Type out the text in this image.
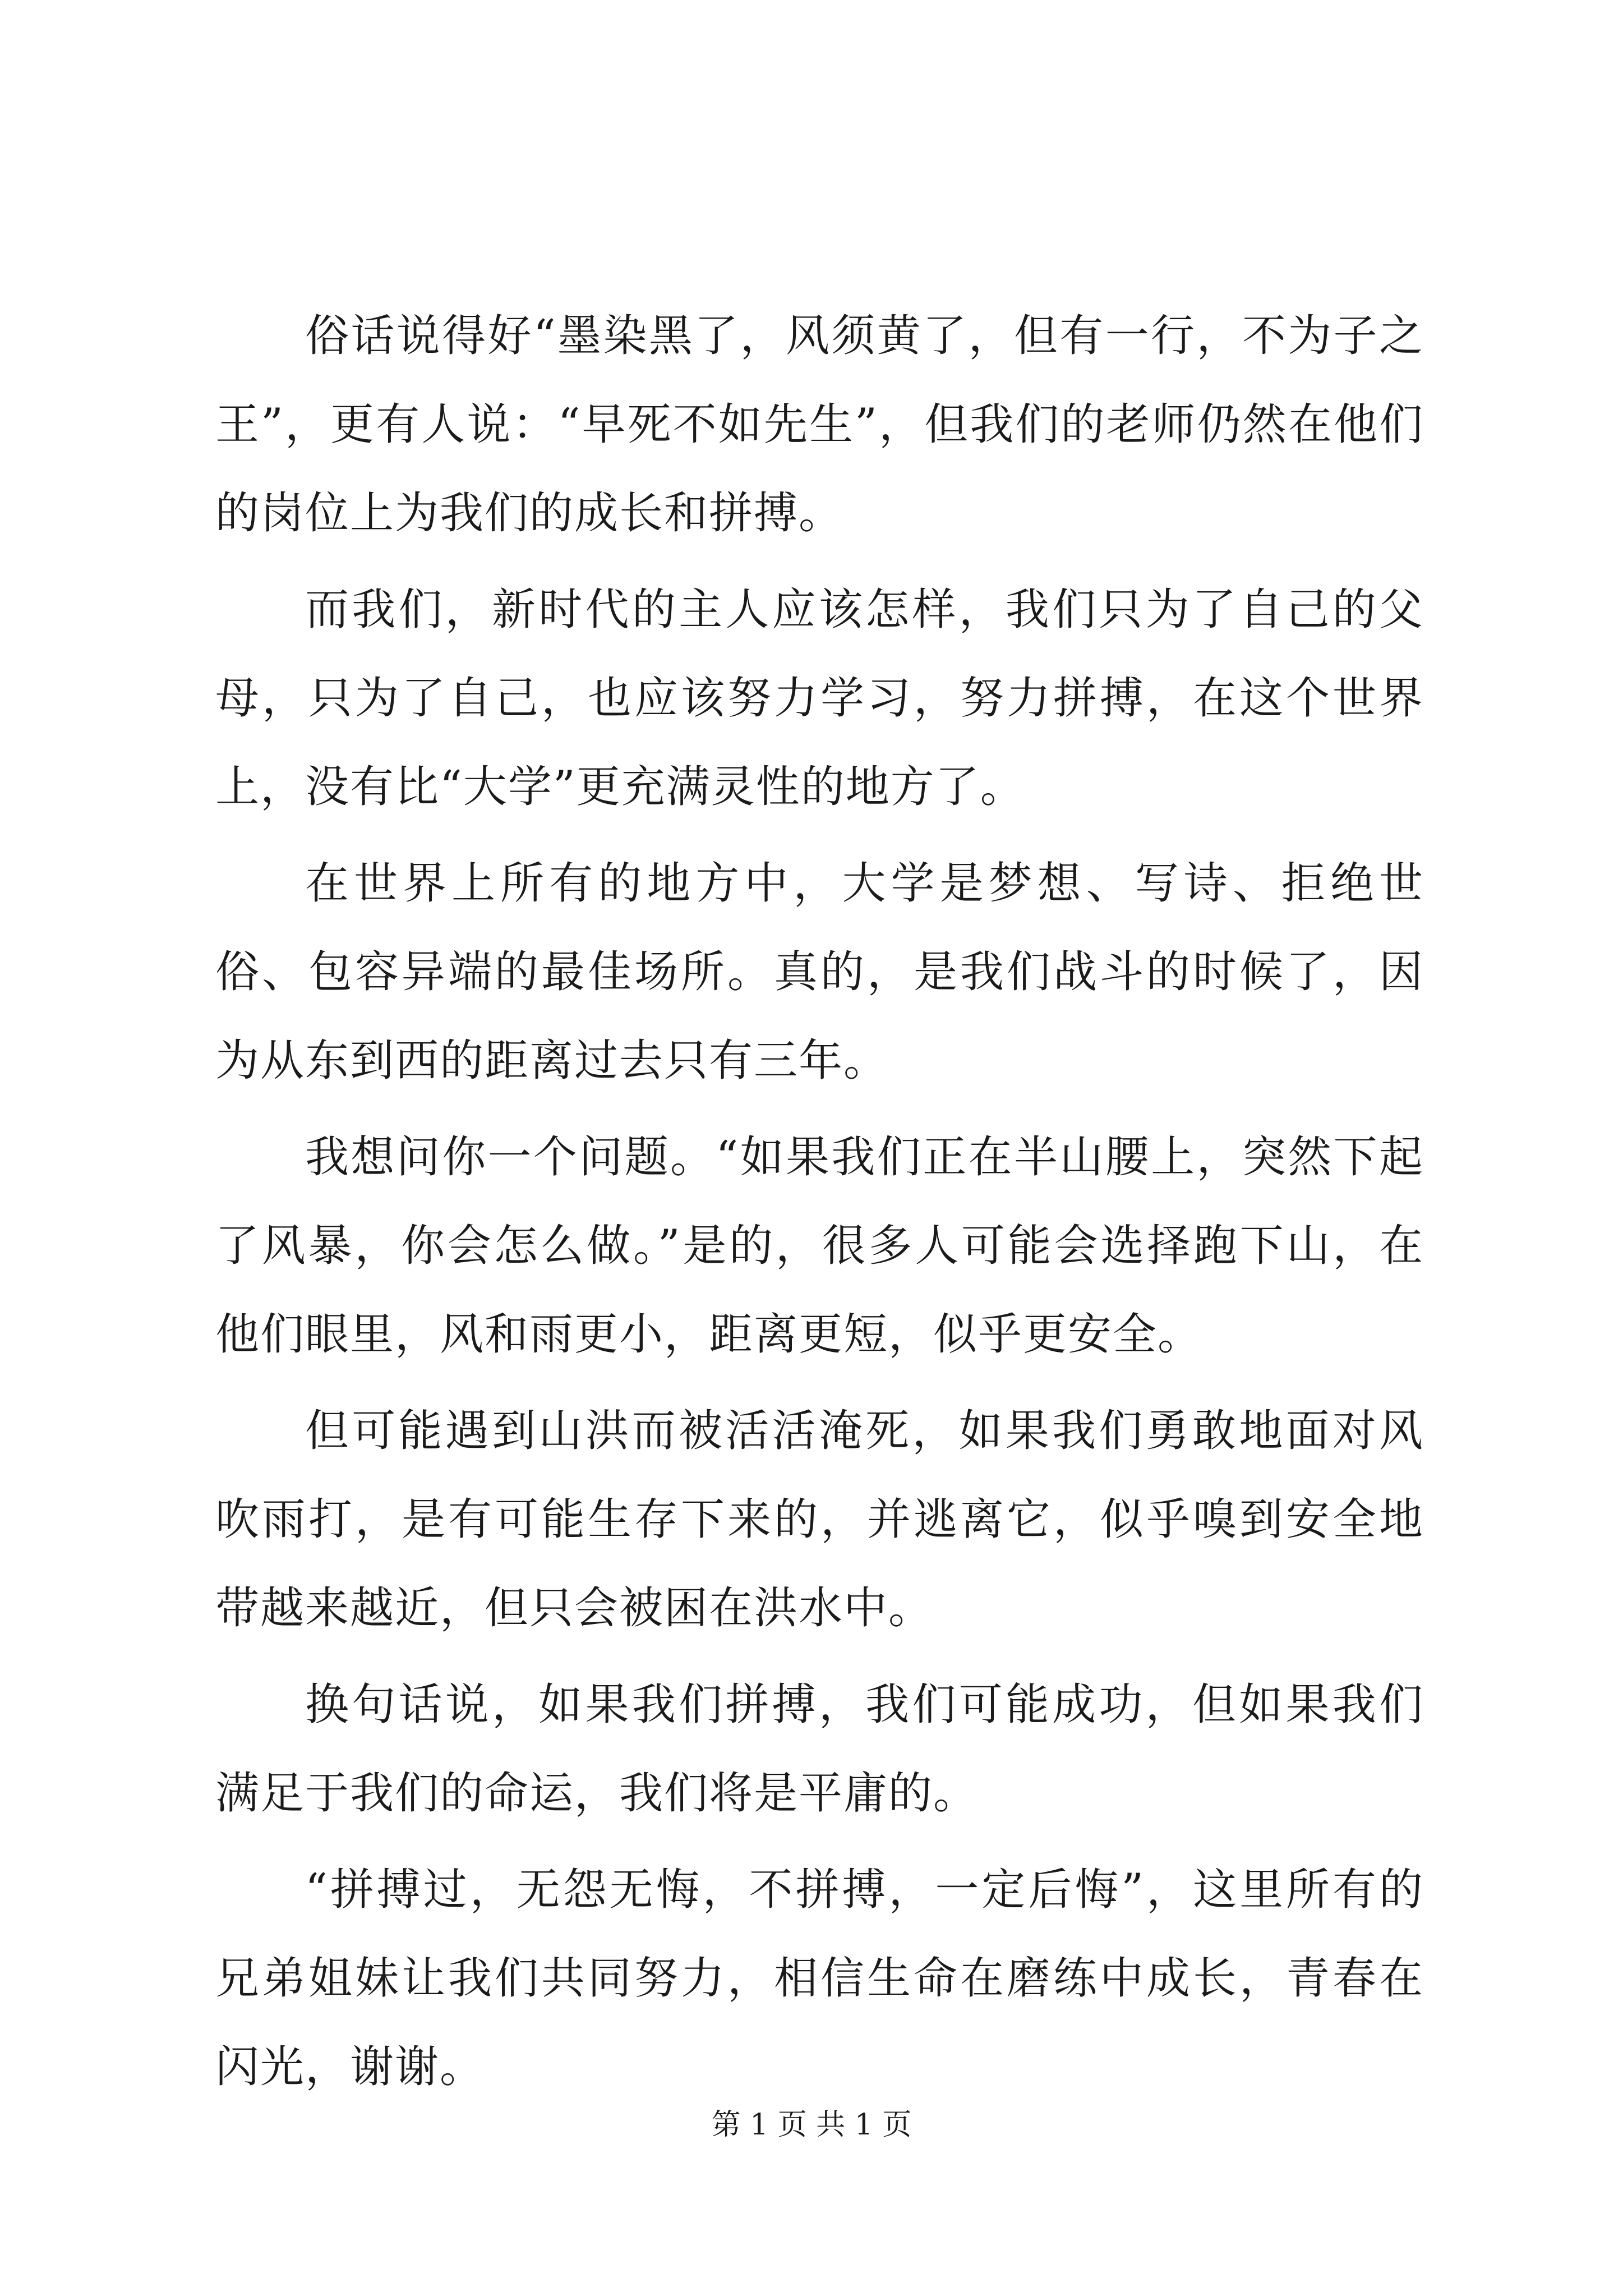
俗话说得好“墨染黑了，风须黄了，但有一行，不为子之王”，更有人说：“早死不如先生”，但我们的老师仍然在他们的岗位上为我们的成长和拼搏。

而我们，新时代的主人应该怎样，我们只为了自己的父母，只为了自己，也应该努力学习，努力拼搏，在这个世界上，没有比“大学”更充满灵性的地方了。

在世界上所有的地方中，大学是梦想、写诗、拒绝世俗、包容异端的最佳场所。真的，是我们战斗的时候了，因为从东到西的距离过去只有三年。

我想问你一个问题。“如果我们正在半山腰上，突然下起了风暴，你会怎么做。”是的，很多人可能会选择跑下山，在他们眼里，风和雨更小，距离更短，似乎更安全。

但可能遇到山洪而被活活淹死，如果我们勇敢地面对风吹雨打，是有可能生存下来的，并逃离它，似乎嗅到安全地带越来越近，但只会被困在洪水中。

换句话说，如果我们拼搏，我们可能成功，但如果我们满足于我们的命运，我们将是平庸的。

“拼搏过，无怨无悔，不拼搏，一定后悔”，这里所有的兄弟姐妹让我们共同努力，相信生命在磨练中成长，青春在闪光，谢谢。

第 1 页 共 1 页
